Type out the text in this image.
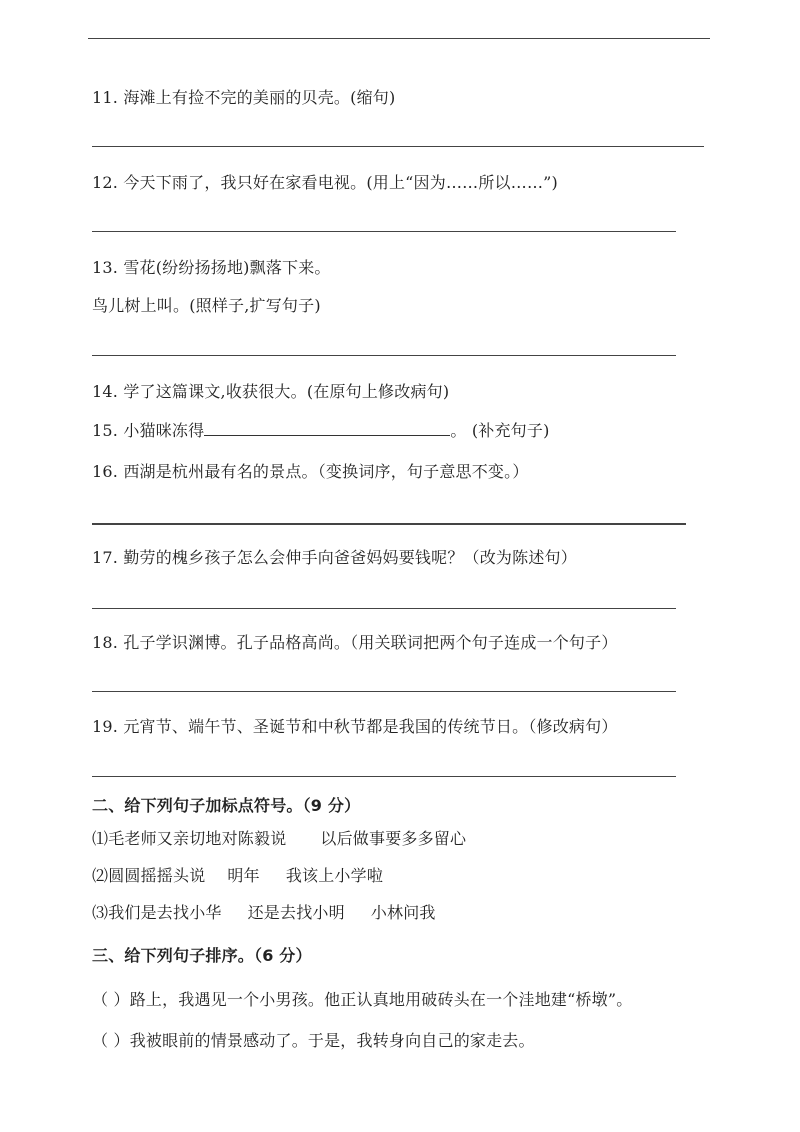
11. 海滩上有捡不完的美丽的贝壳。(缩句)
12. 今天下雨了，我只好在家看电视。(用上“因为……所以……”)
13. 雪花(纷纷扬扬地)飘落下来。
鸟儿树上叫。(照样子,扩写句子)
14. 学了这篇课文,收获很大。(在原句上修改病句)
15. 小猫咪冻得	。 (补充句子)
16. 西湖是杭州最有名的景点。（变换词序，句子意思不变。）
17. 勤劳的槐乡孩子怎么会伸手向爸爸妈妈要钱呢？（改为陈述句）
18. 孔子学识渊博。孔子品格高尚。（用关联词把两个句子连成一个句子）
19. 元宵节、端午节、圣诞节和中秋节都是我国的传统节日。（修改病句）
二、给下列句子加标点符号。（9 分）
⑴毛老师又亲切地对陈毅说 以后做事要多多留心
⑵圆圆摇摇头说 明年 我该上小学啦
⑶我们是去找小华 还是去找小明 小林问我
三、给下列句子排序。（6 分）
（ ）路上，我遇见一个小男孩。他正认真地用破砖头在一个洼地建“桥墩”。
（ ）我被眼前的情景感动了。于是，我转身向自己的家走去。
